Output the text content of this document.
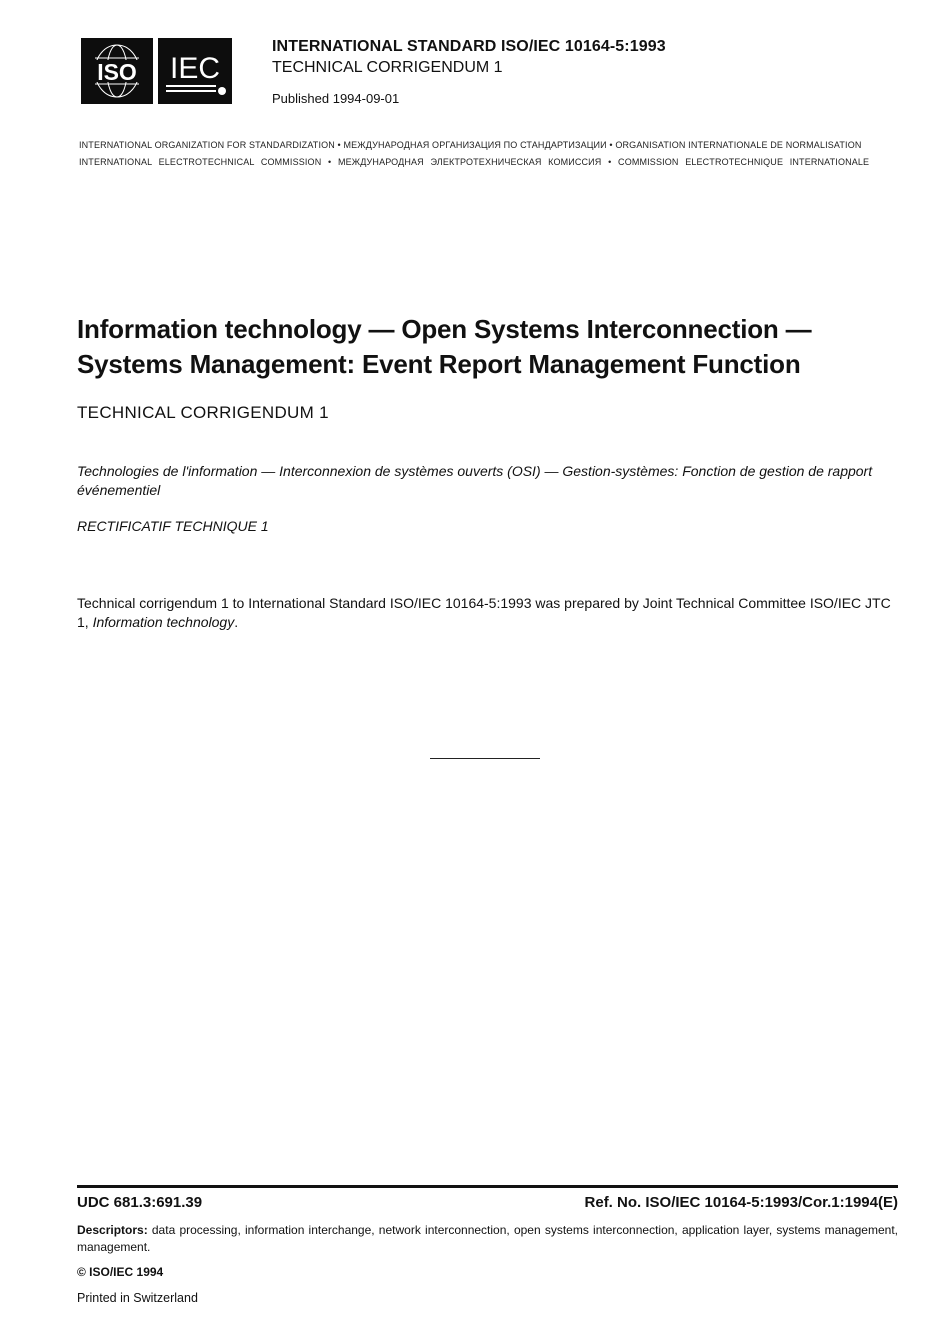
ISO IEC
INTERNATIONAL STANDARD ISO/IEC 10164-5:1993
TECHNICAL CORRIGENDUM 1
Published 1994-09-01
INTERNATIONAL ORGANIZATION FOR STANDARDIZATION • МЕЖДУНАРОДНАЯ ОРГАНИЗАЦИЯ ПО СТАНДАРТИЗАЦИИ • ORGANISATION INTERNATIONALE DE NORMALISATION
INTERNATIONAL ELECTROTECHNICAL COMMISSION • МЕЖДУНАРОДНАЯ ЭЛЕКТРОТЕХНИЧЕСКАЯ КОМИССИЯ • COMMISSION ELECTROTECHNIQUE INTERNATIONALE
Information technology — Open Systems Interconnection —
Systems Management: Event Report Management Function
TECHNICAL CORRIGENDUM 1
Technologies de l'information — Interconnexion de systèmes ouverts (OSI) — Gestion-systèmes: Fonction de gestion de rapport événementiel
RECTIFICATIF TECHNIQUE 1
Technical corrigendum 1 to International Standard ISO/IEC 10164-5:1993 was prepared by Joint Technical Committee ISO/IEC JTC 1, Information technology.
UDC 681.3:691.39	Ref. No. ISO/IEC 10164-5:1993/Cor.1:1994(E)
Descriptors: data processing, information interchange, network interconnection, open systems interconnection, application layer, systems management, management.
© ISO/IEC 1994
Printed in Switzerland
